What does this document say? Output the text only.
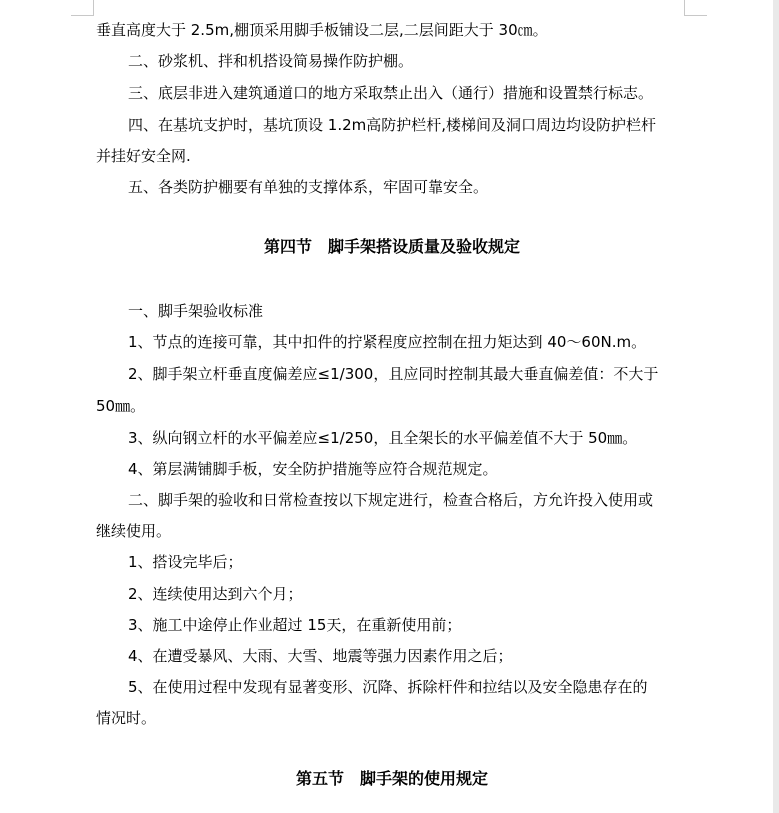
垂直高度大于 2.5m,棚顶采用脚手板铺设二层,二层间距大于 30㎝。
二、砂浆机、拌和机搭设简易操作防护棚。
三、底层非进入建筑通道口的地方采取禁止出入（通行）措施和设置禁行标志。
四、在基坑支护时，基坑顶设 1.2m高防护栏杆,楼梯间及洞口周边均设防护栏杆
并挂好安全网.
五、各类防护棚要有单独的支撑体系，牢固可靠安全。
第四节　脚手架搭设质量及验收规定
一、脚手架验收标准
1、节点的连接可靠，其中扣件的拧紧程度应控制在扭力矩达到 40～60N.m。
2、脚手架立杆垂直度偏差应≤1/300，且应同时控制其最大垂直偏差值：不大于
50㎜。
3、纵向钢立杆的水平偏差应≤1/250，且全架长的水平偏差值不大于 50㎜。
4、第层满铺脚手板，安全防护措施等应符合规范规定。
二、脚手架的验收和日常检查按以下规定进行，检查合格后，方允许投入使用或
继续使用。
1、搭设完毕后；
2、连续使用达到六个月；
3、施工中途停止作业超过 15天，在重新使用前；
4、在遭受暴风、大雨、大雪、地震等强力因素作用之后；
5、在使用过程中发现有显著变形、沉降、拆除杆件和拉结以及安全隐患存在的
情况时。
第五节　脚手架的使用规定
